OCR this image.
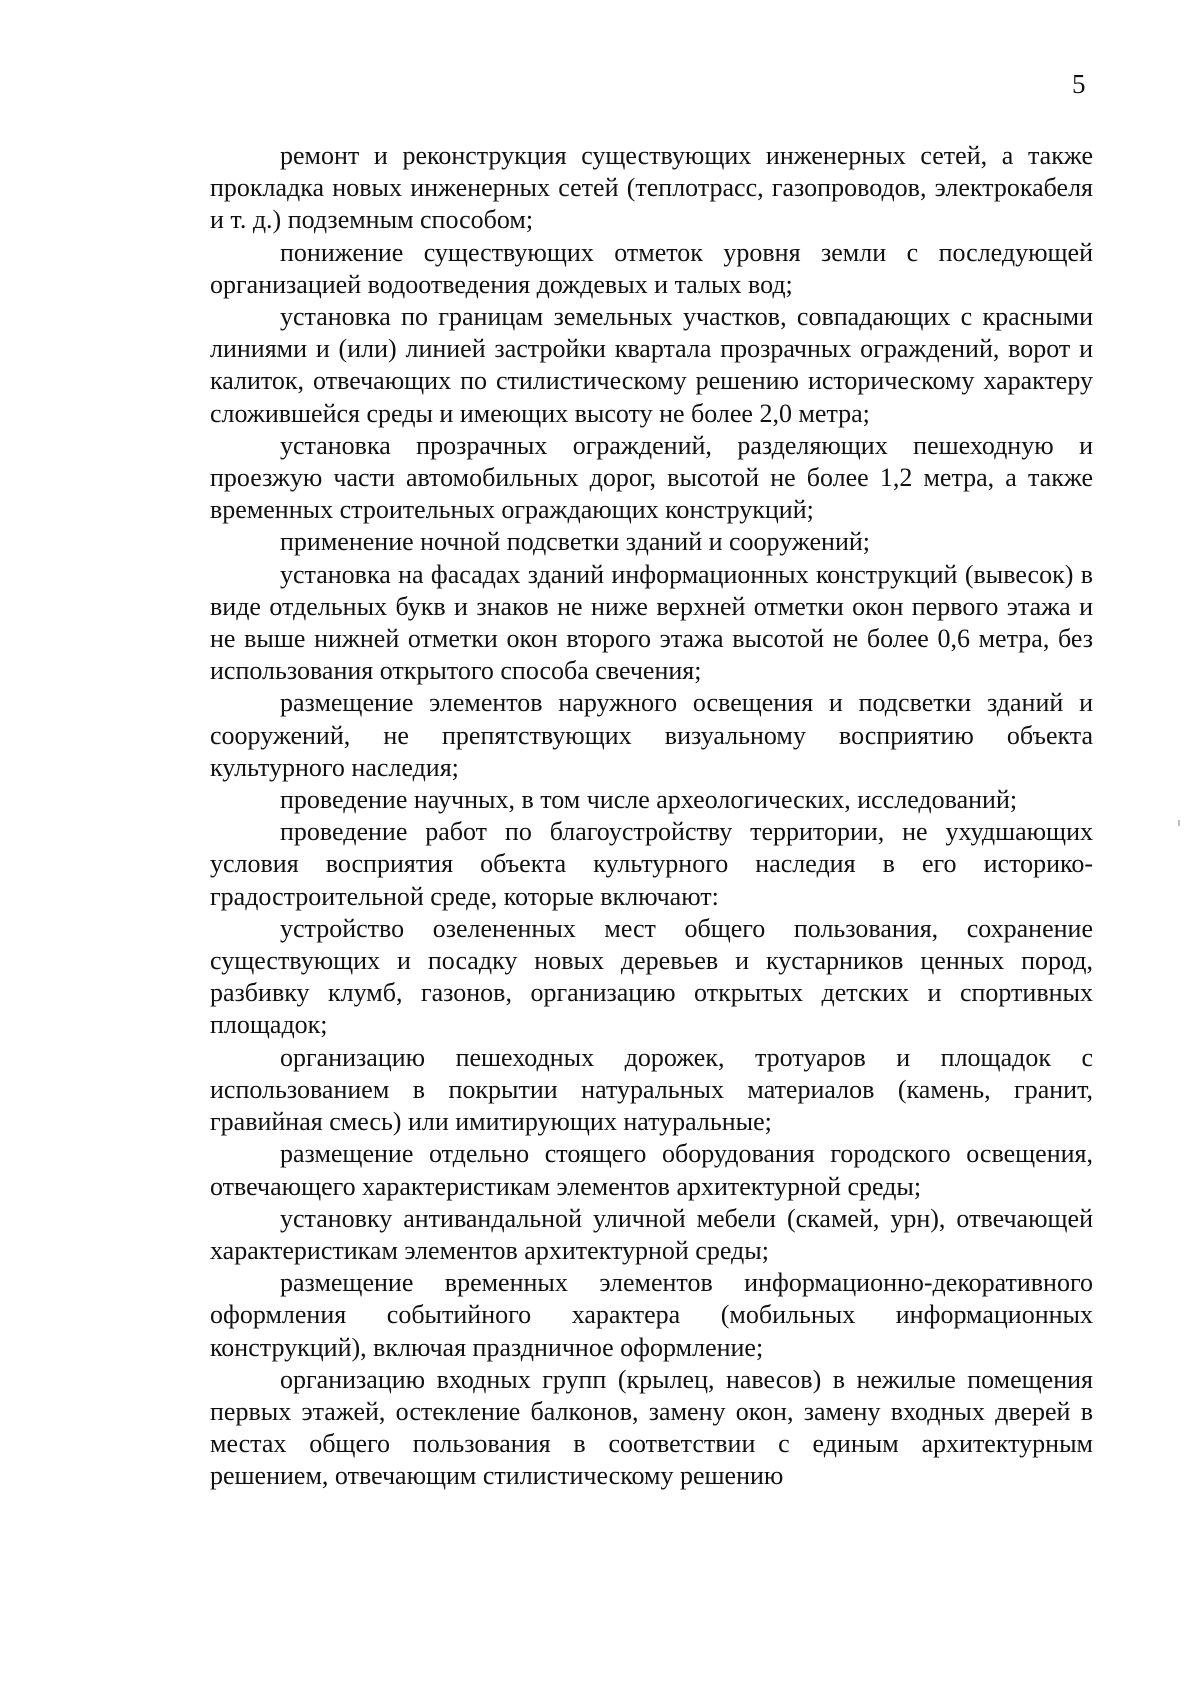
5

ремонт и реконструкция существующих инженерных сетей, а также прокладка новых инженерных сетей (теплотрасс, газопроводов, электрокабеля и т. д.) подземным способом;

понижение существующих отметок уровня земли с последующей организацией водоотведения дождевых и талых вод;

установка по границам земельных участков, совпадающих с красными линиями и (или) линией застройки квартала прозрачных ограждений, ворот и калиток, отвечающих по стилистическому решению историческому характеру сложившейся среды и имеющих высоту не более 2,0 метра;

установка прозрачных ограждений, разделяющих пешеходную и проезжую части автомобильных дорог, высотой не более 1,2 метра, а также временных строительных ограждающих конструкций;

применение ночной подсветки зданий и сооружений;

установка на фасадах зданий информационных конструкций (вывесок) в виде отдельных букв и знаков не ниже верхней отметки окон первого этажа и не выше нижней отметки окон второго этажа высотой не более 0,6 метра, без использования открытого способа свечения;

размещение элементов наружного освещения и подсветки зданий и сооружений, не препятствующих визуальному восприятию объекта культурного наследия;

проведение научных, в том числе археологических, исследований;

проведение работ по благоустройству территории, не ухудшающих условия восприятия объекта культурного наследия в его историко-градостроительной среде, которые включают:

устройство озелененных мест общего пользования, сохранение существующих и посадку новых деревьев и кустарников ценных пород, разбивку клумб, газонов, организацию открытых детских и спортивных площадок;

организацию пешеходных дорожек, тротуаров и площадок с использованием в покрытии натуральных материалов (камень, гранит, гравийная смесь) или имитирующих натуральные;

размещение отдельно стоящего оборудования городского освещения, отвечающего характеристикам элементов архитектурной среды;

установку антивандальной уличной мебели (скамей, урн), отвечающей характеристикам элементов архитектурной среды;

размещение временных элементов информационно-декоративного оформления событийного характера (мобильных информационных конструкций), включая праздничное оформление;

организацию входных групп (крылец, навесов) в нежилые помещения первых этажей, остекление балконов, замену окон, замену входных дверей в местах общего пользования в соответствии с единым архитектурным решением, отвечающим стилистическому решению
